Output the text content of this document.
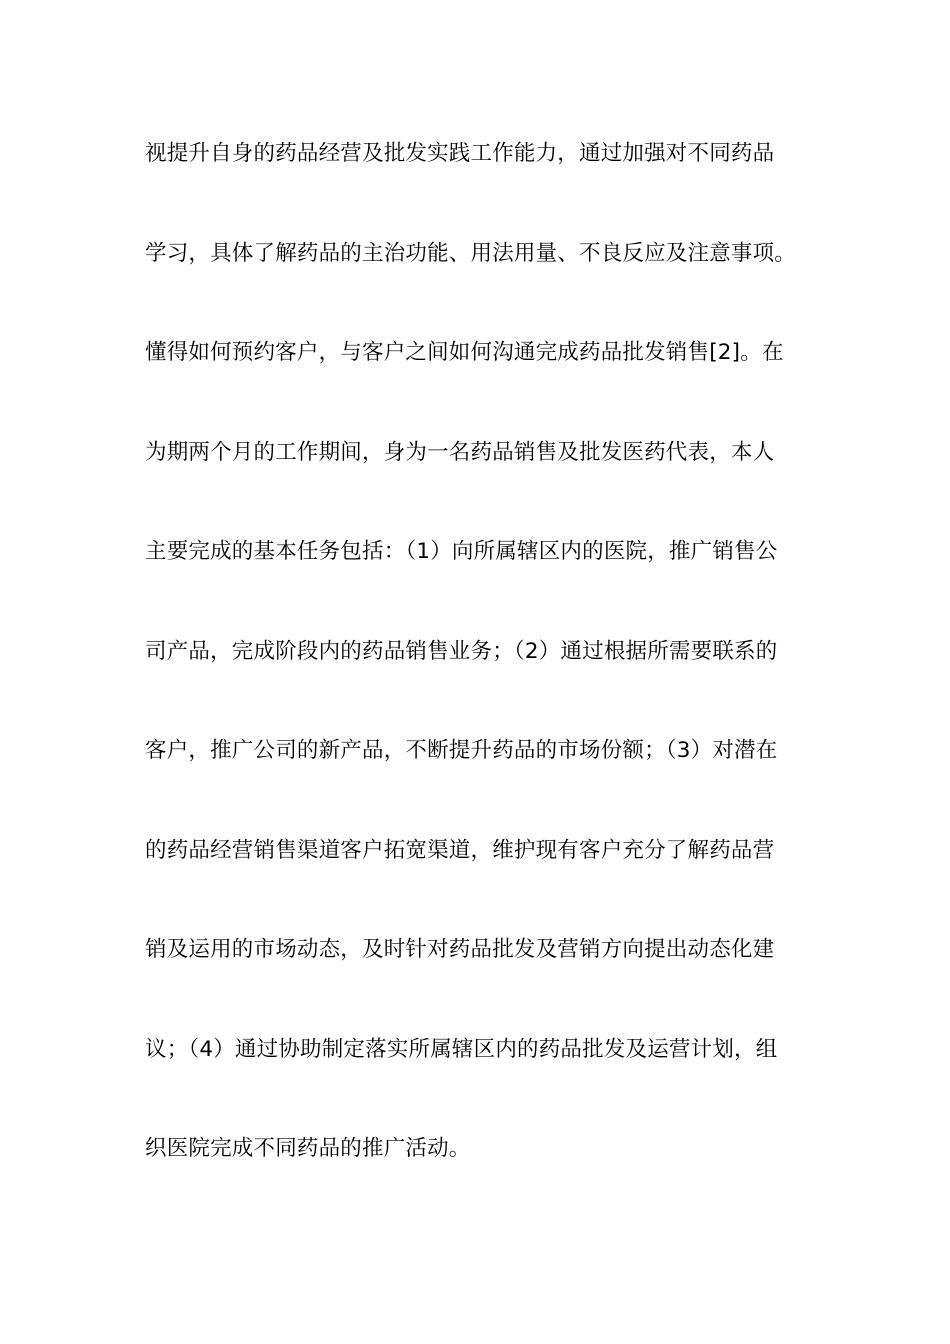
视提升自身的药品经营及批发实践工作能力，通过加强对不同药品
学习，具体了解药品的主治功能、用法用量、不良反应及注意事项。
懂得如何预约客户，与客户之间如何沟通完成药品批发销售[2]。在
为期两个月的工作期间，身为一名药品销售及批发医药代表，本人
主要完成的基本任务包括：（1）向所属辖区内的医院，推广销售公
司产品，完成阶段内的药品销售业务；（2）通过根据所需要联系的
客户，推广公司的新产品，不断提升药品的市场份额；（3）对潜在
的药品经营销售渠道客户拓宽渠道，维护现有客户充分了解药品营
销及运用的市场动态，及时针对药品批发及营销方向提出动态化建
议；（4）通过协助制定落实所属辖区内的药品批发及运营计划，组
织医院完成不同药品的推广活动。
